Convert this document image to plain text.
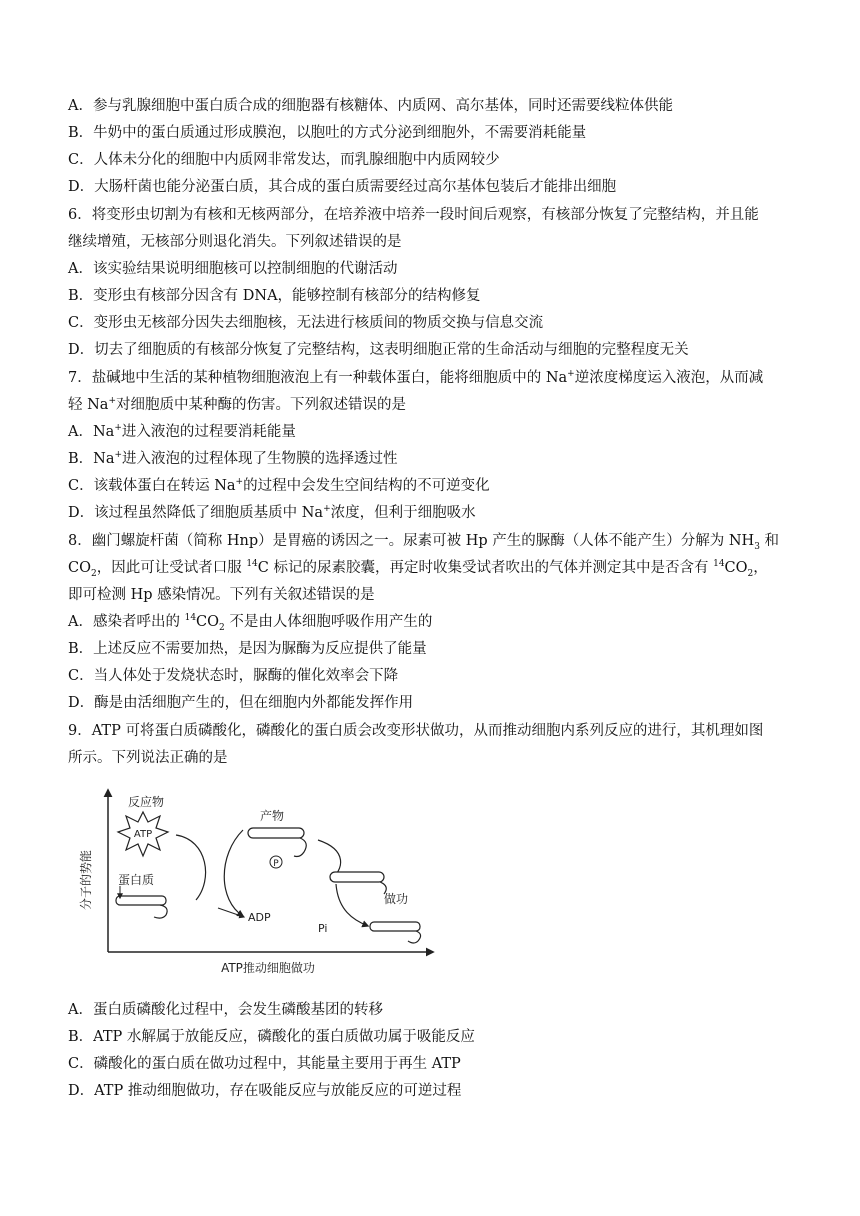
A．参与乳腺细胞中蛋白质合成的细胞器有核糖体、内质网、高尔基体，同时还需要线粒体供能
B．牛奶中的蛋白质通过形成膜泡，以胞吐的方式分泌到细胞外，不需要消耗能量
C．人体未分化的细胞中内质网非常发达，而乳腺细胞中内质网较少
D．大肠杆菌也能分泌蛋白质，其合成的蛋白质需要经过高尔基体包装后才能排出细胞
6．将变形虫切割为有核和无核两部分，在培养液中培养一段时间后观察，有核部分恢复了完整结构，并且能
继续增殖，无核部分则退化消失。下列叙述错误的是
A．该实验结果说明细胞核可以控制细胞的代谢活动
B．变形虫有核部分因含有 DNA，能够控制有核部分的结构修复
C．变形虫无核部分因失去细胞核，无法进行核质间的物质交换与信息交流
D．切去了细胞质的有核部分恢复了完整结构，这表明细胞正常的生命活动与细胞的完整程度无关
7．盐碱地中生活的某种植物细胞液泡上有一种载体蛋白，能将细胞质中的 Na+逆浓度梯度运入液泡，从而减
轻 Na+对细胞质中某种酶的伤害。下列叙述错误的是
A．Na+进入液泡的过程要消耗能量
B．Na+进入液泡的过程体现了生物膜的选择透过性
C．该载体蛋白在转运 Na+的过程中会发生空间结构的不可逆变化
D．该过程虽然降低了细胞质基质中 Na+浓度，但利于细胞吸水
8．幽门螺旋杆菌（简称 Hnp）是胃癌的诱因之一。尿素可被 Hp 产生的脲酶（人体不能产生）分解为 $NH_3$ 和
$CO_2$，因此可让受试者口服 $^{14}$C 标记的尿素胶囊，再定时收集受试者吹出的气体并测定其中是否含有 $^{14}CO_2$，
即可检测 Hp 感染情况。下列有关叙述错误的是
A．感染者呼出的 $^{14}CO_2$ 不是由人体细胞呼吸作用产生的
B．上述反应不需要加热，是因为脲酶为反应提供了能量
C．当人体处于发烧状态时，脲酶的催化效率会下降
D．酶是由活细胞产生的，但在细胞内外都能发挥作用
9．ATP 可将蛋白质磷酸化，磷酸化的蛋白质会改变形状做功，从而推动细胞内系列反应的进行，其机理如图
所示。下列说法正确的是
分子的势能
ATP推动细胞做功
反应物
ATP
蛋白质
ADP
产物
P
做功
Pi
A．蛋白质磷酸化过程中，会发生磷酸基团的转移
B．ATP 水解属于放能反应，磷酸化的蛋白质做功属于吸能反应
C．磷酸化的蛋白质在做功过程中，其能量主要用于再生 ATP
D．ATP 推动细胞做功，存在吸能反应与放能反应的可逆过程
